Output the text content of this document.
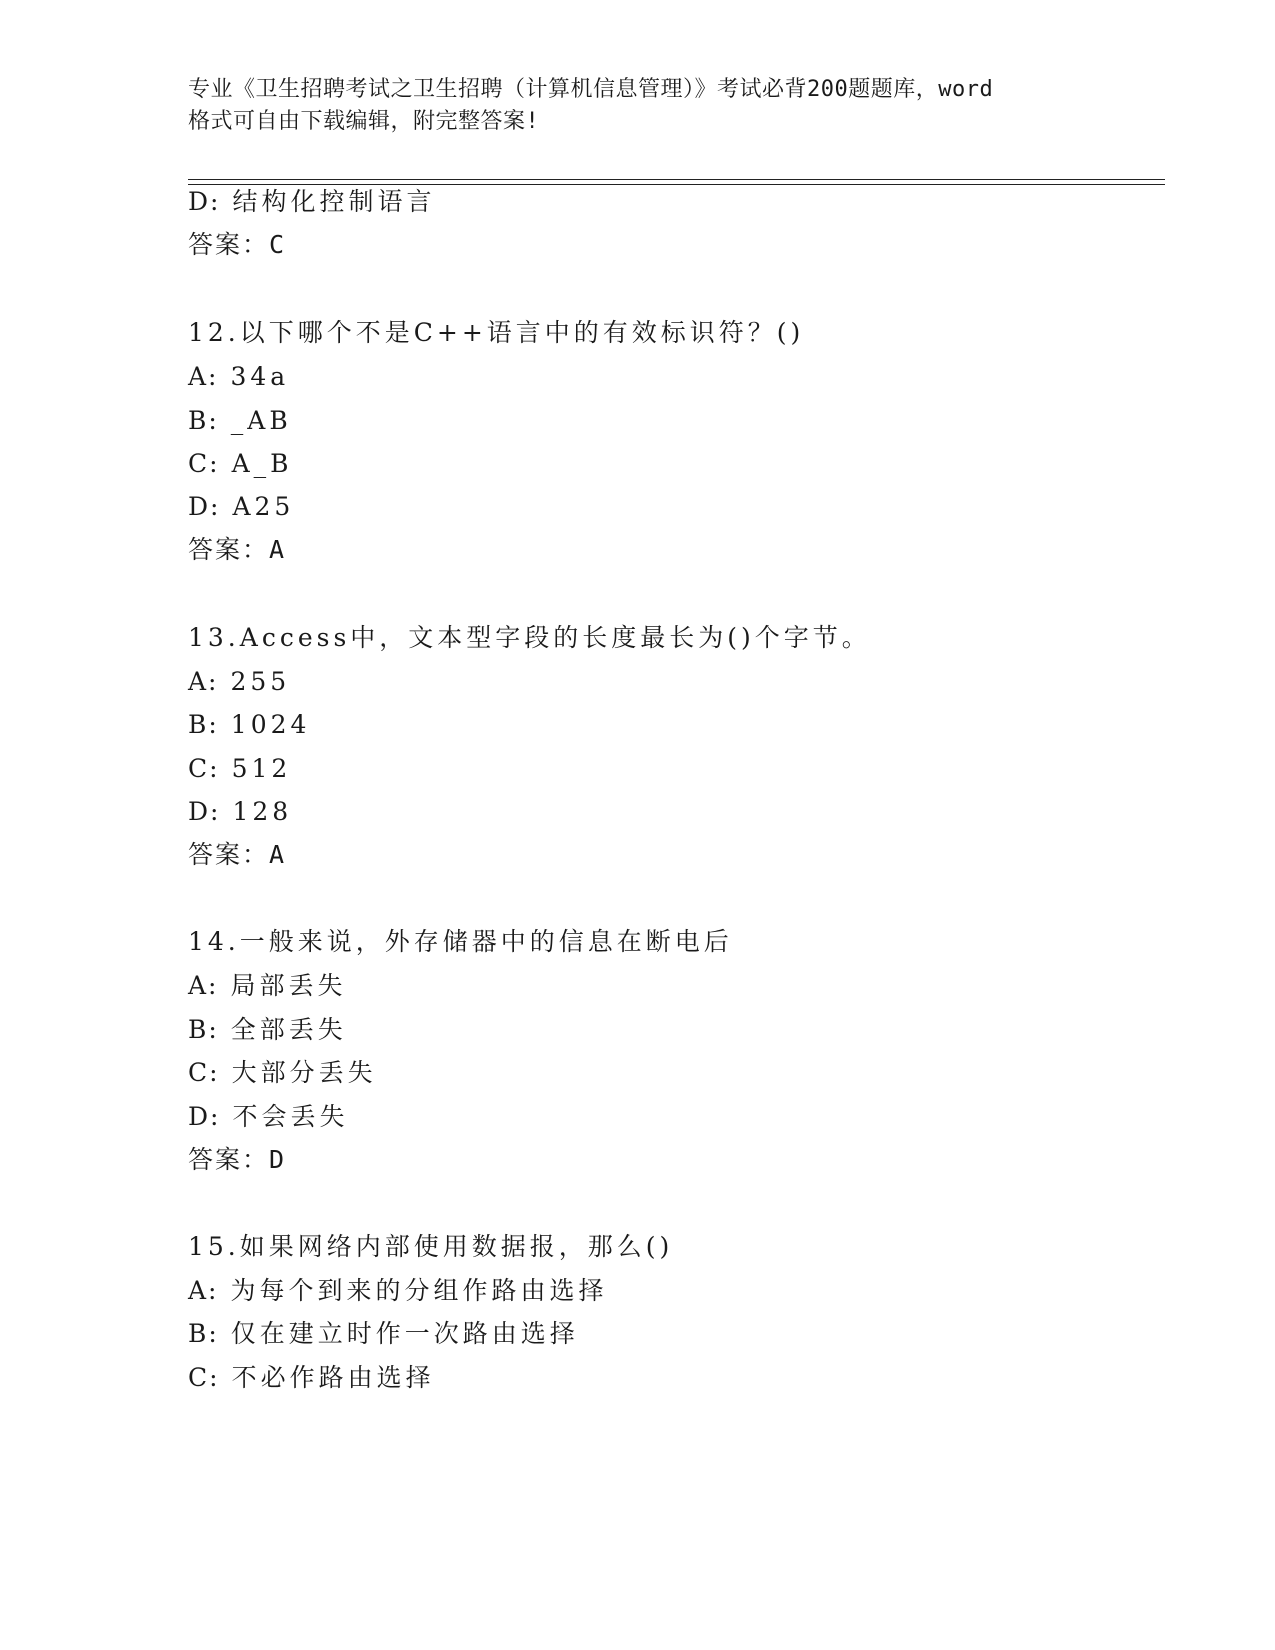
专业《卫生招聘考试之卫生招聘（计算机信息管理）》考试必背200题题库，word
格式可自由下载编辑，附完整答案!
D: 结构化控制语言
答案：C
12.以下哪个不是C++语言中的有效标识符？()
A: 34a
B: _AB
C: A_B
D: A25
答案：A
13.Access中，文本型字段的长度最长为()个字节。
A: 255
B: 1024
C: 512
D: 128
答案：A
14.一般来说，外存储器中的信息在断电后
A: 局部丢失
B: 全部丢失
C: 大部分丢失
D: 不会丢失
答案：D
15.如果网络内部使用数据报，那么()
A: 为每个到来的分组作路由选择
B: 仅在建立时作一次路由选择
C: 不必作路由选择
